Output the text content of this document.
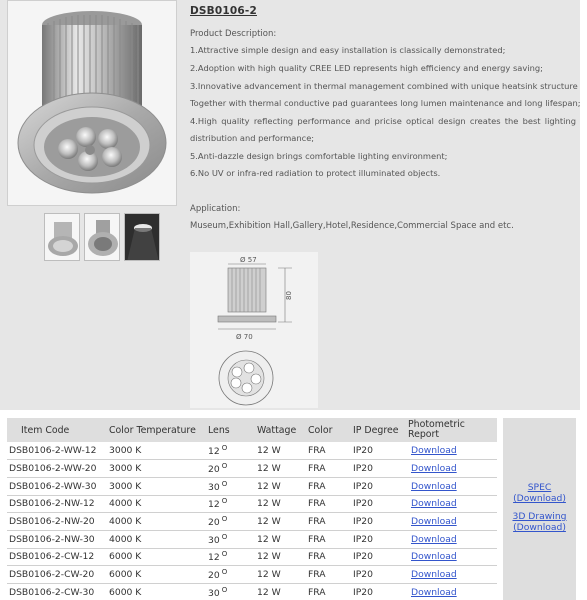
DSB0106-2
Product Description:
1.Attractive simple design and easy installation is classically demonstrated;
2.Adoption with high quality CREE LED represents high efficiency and energy saving;
3.Innovative advancement in thermal management combined with unique heatsink structure
Together with thermal conductive pad guarantees long lumen maintenance and long lifespan;
4.High quality reflecting performance and pricise optical design creates the best lighting
distribution and performance;
5.Anti-dazzle design brings comfortable lighting environment;
6.No UV or infra-red radiation to protect illuminated objects.
Application:
Museum,Exhibition Hall,Gallery,Hotel,Residence,Commercial Space and etc.
Ø 57
80
Ø 70
Item Code	Color Temperature	Lens	Wattage	Color	IP Degree	Photometric Report
DSB0106-2-WW-12	3000 K	12 $^O$	12 W	FRA	IP20	Download
DSB0106-2-WW-20	3000 K	20 $^O$	12 W	FRA	IP20	Download
DSB0106-2-WW-30	3000 K	30 $^O$	12 W	FRA	IP20	Download
DSB0106-2-NW-12	4000 K	12 $^O$	12 W	FRA	IP20	Download
DSB0106-2-NW-20	4000 K	20 $^O$	12 W	FRA	IP20	Download
DSB0106-2-NW-30	4000 K	30 $^O$	12 W	FRA	IP20	Download
DSB0106-2-CW-12	6000 K	12 $^O$	12 W	FRA	IP20	Download
DSB0106-2-CW-20	6000 K	20 $^O$	12 W	FRA	IP20	Download
DSB0106-2-CW-30	6000 K	30 $^O$	12 W	FRA	IP20	Download
SPEC
(Download)
3D Drawing
(Download)
